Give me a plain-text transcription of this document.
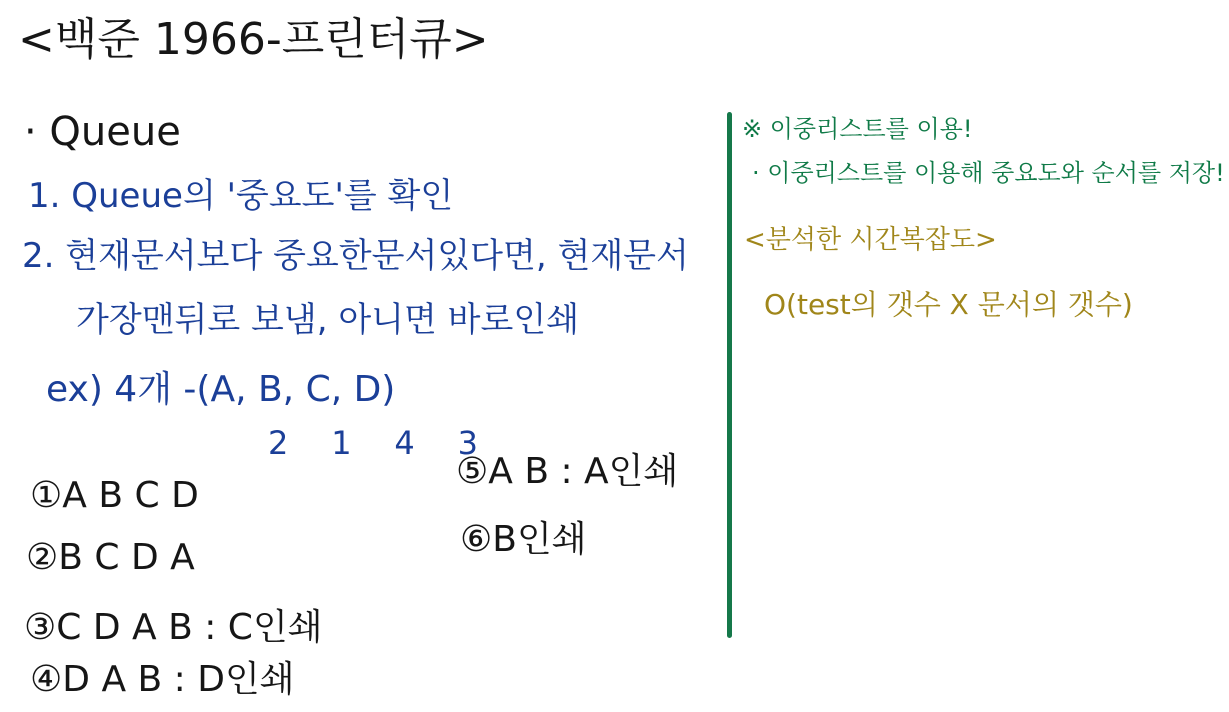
<백준 1966-프린터큐>
· Queue
1. Queue의 '중요도'를 확인
2. 현재문서보다 중요한문서있다면, 현재문서
가장맨뒤로 보냄, 아니면 바로인쇄
ex) 4개 -(A, B, C, D)
2 1 4 3
①A B C D
②B C D A
③C D A B : C인쇄
④D A B : D인쇄
⑤A B : A인쇄
⑥B인쇄
※ 이중리스트를 이용!
· 이중리스트를 이용해 중요도와 순서를 저장!
<분석한 시간복잡도>
O(test의 갯수 X 문서의 갯수)
